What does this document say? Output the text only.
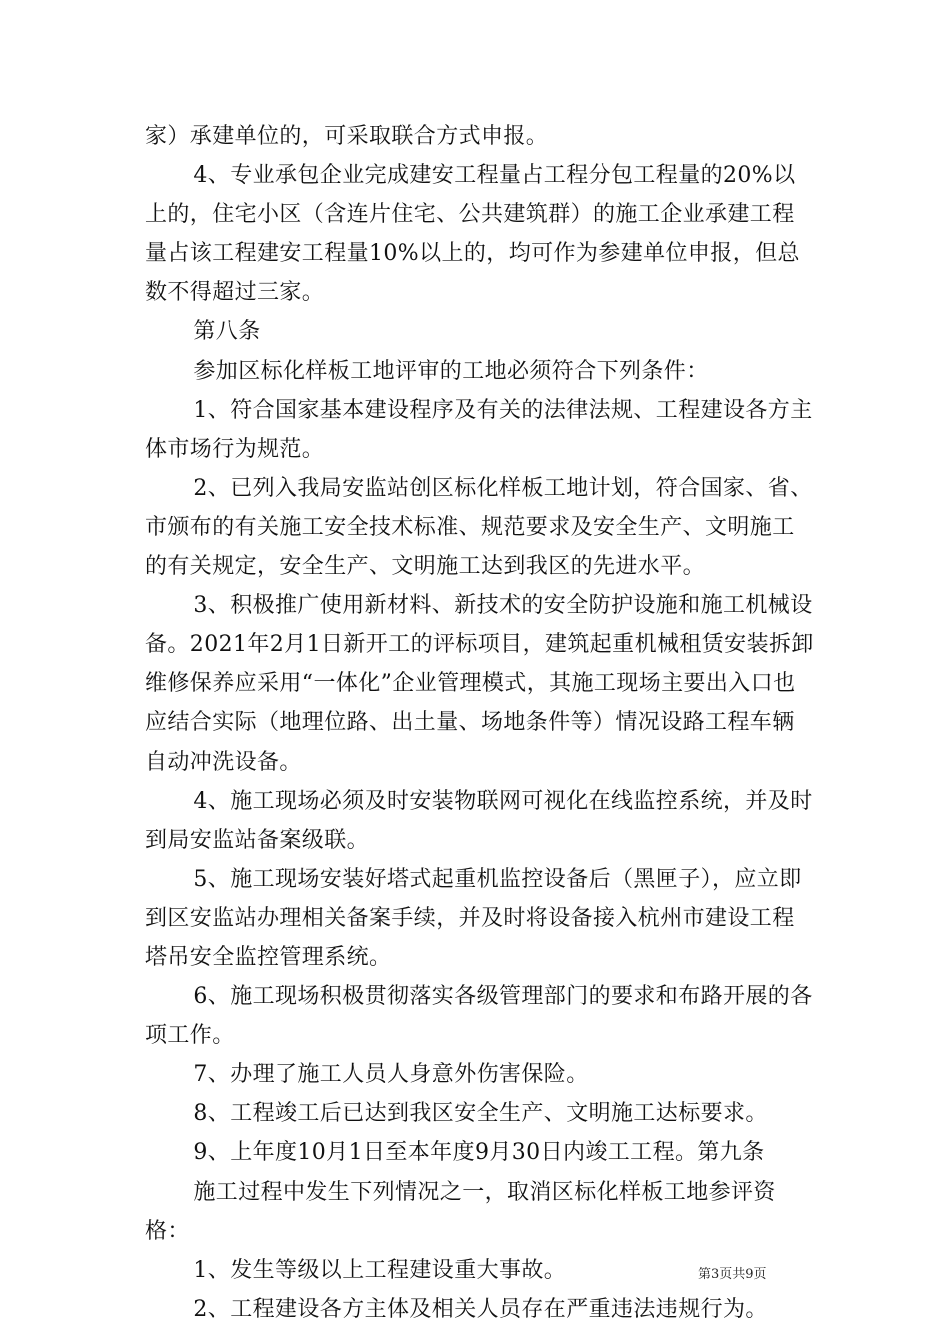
家）承建单位的，可采取联合方式申报。

4、专业承包企业完成建安工程量占工程分包工程量的20%以上的，住宅小区（含连片住宅、公共建筑群）的施工企业承建工程量占该工程建安工程量10%以上的，均可作为参建单位申报，但总数不得超过三家。

第八条

参加区标化样板工地评审的工地必须符合下列条件：

1、符合国家基本建设程序及有关的法律法规、工程建设各方主体市场行为规范。

2、已列入我局安监站创区标化样板工地计划，符合国家、省、市颁布的有关施工安全技术标准、规范要求及安全生产、文明施工的有关规定，安全生产、文明施工达到我区的先进水平。

3、积极推广使用新材料、新技术的安全防护设施和施工机械设备。2021年2月1日新开工的评标项目，建筑起重机械租赁安装拆卸维修保养应采用“一体化”企业管理模式，其施工现场主要出入口也应结合实际（地理位路、出土量、场地条件等）情况设路工程车辆自动冲洗设备。

4、施工现场必须及时安装物联网可视化在线监控系统，并及时到局安监站备案级联。

5、施工现场安装好塔式起重机监控设备后（黑匣子），应立即到区安监站办理相关备案手续，并及时将设备接入杭州市建设工程塔吊安全监控管理系统。

6、施工现场积极贯彻落实各级管理部门的要求和布路开展的各项工作。

7、办理了施工人员人身意外伤害保险。

8、工程竣工后已达到我区安全生产、文明施工达标要求。

9、上年度10月1日至本年度9月30日内竣工工程。第九条

施工过程中发生下列情况之一，取消区标化样板工地参评资格：

1、发生等级以上工程建设重大事故。

2、工程建设各方主体及相关人员存在严重违法违规行为。

第3页共9页
